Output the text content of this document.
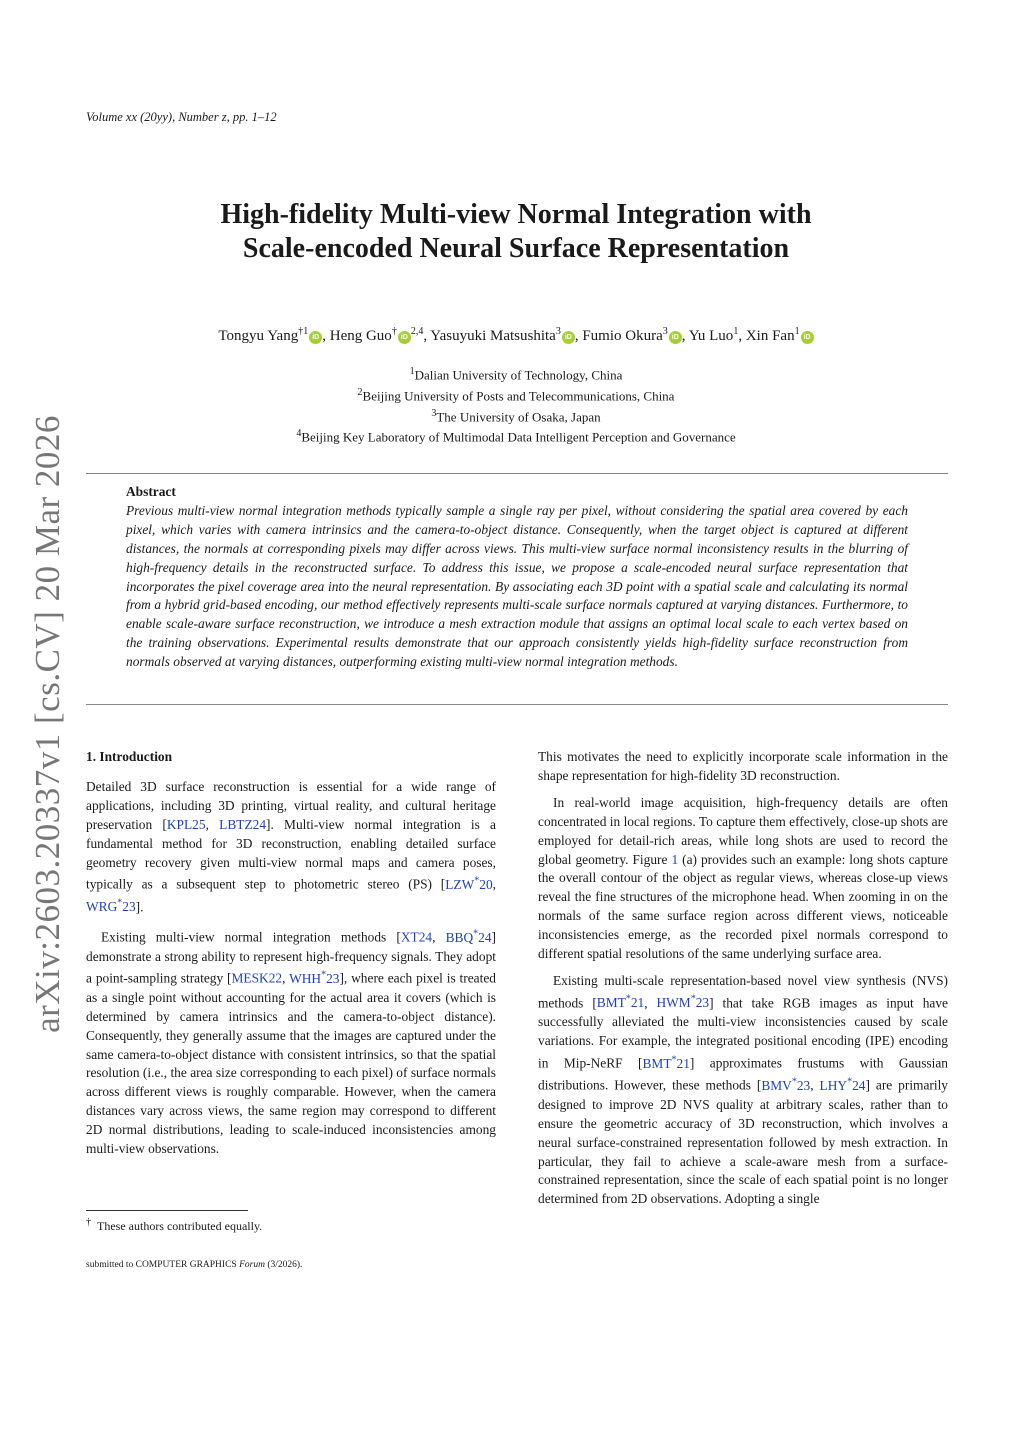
Volume xx (20yy), Number z, pp. 1–12
High-fidelity Multi-view Normal Integration with
Scale-encoded Neural Surface Representation
Tongyu Yang$^{\dagger 1}$iD , Heng Guo†iD$^{2,4}$, Yasuyuki Matsushita$^3$iD , Fumio Okura$^3$iD , Yu Luo$^1$, Xin Fan$^1$iD
$^1$Dalian University of Technology, China
$^2$Beijing University of Posts and Telecommunications, China
$^3$The University of Osaka, Japan
$^4$Beijing Key Laboratory of Multimodal Data Intelligent Perception and Governance
Abstract
Previous multi-view normal integration methods typically sample a single ray per pixel, without considering the spatial area covered by each pixel, which varies with camera intrinsics and the camera-to-object distance. Consequently, when the target object is captured at different distances, the normals at corresponding pixels may differ across views. This multi-view surface normal inconsistency results in the blurring of high-frequency details in the reconstructed surface. To address this issue, we propose a scale-encoded neural surface representation that incorporates the pixel coverage area into the neural representation. By associating each 3D point with a spatial scale and calculating its normal from a hybrid grid-based encoding, our method effectively represents multi-scale surface normals captured at varying distances. Furthermore, to enable scale-aware surface reconstruction, we introduce a mesh extraction module that assigns an optimal local scale to each vertex based on the training observations. Experimental results demonstrate that our approach consistently yields high-fidelity surface reconstruction from normals observed at varying distances, outperforming existing multi-view normal integration methods.
1. Introduction

Detailed 3D surface reconstruction is essential for a wide range of applications, including 3D printing, virtual reality, and cultural heritage preservation [KPL25, LBTZ24]. Multi-view normal integration is a fundamental method for 3D reconstruction, enabling detailed surface geometry recovery given multi-view normal maps and camera poses, typically as a subsequent step to photometric stereo (PS) [LZW*20, WRG*23].

Existing multi-view normal integration methods [XT24, BBQ*24] demonstrate a strong ability to represent high-frequency signals. They adopt a point-sampling strategy [MESK22, WHH*23], where each pixel is treated as a single point without accounting for the actual area it covers (which is determined by camera intrinsics and the camera-to-object distance). Consequently, they generally assume that the images are captured under the same camera-to-object distance with consistent intrinsics, so that the spatial resolution (i.e., the area size corresponding to each pixel) of surface normals across different views is roughly comparable. However, when the camera distances vary across views, the same region may correspond to different 2D normal distributions, leading to scale-induced inconsistencies among multi-view observations.

This motivates the need to explicitly incorporate scale information in the shape representation for high-fidelity 3D reconstruction.

In real-world image acquisition, high-frequency details are often concentrated in local regions. To capture them effectively, close-up shots are employed for detail-rich areas, while long shots are used to record the global geometry. Figure 1 (a) provides such an example: long shots capture the overall contour of the object as regular views, whereas close-up views reveal the fine structures of the microphone head. When zooming in on the normals of the same surface region across different views, noticeable inconsistencies emerge, as the recorded pixel normals correspond to different spatial resolutions of the same underlying surface area.

Existing multi-scale representation-based novel view synthesis (NVS) methods [BMT*21, HWM*23] that take RGB images as input have successfully alleviated the multi-view inconsistencies caused by scale variations. For example, the integrated positional encoding (IPE) encoding in Mip-NeRF [BMT*21] approximates frustums with Gaussian distributions. However, these methods [BMV*23, LHY*24] are primarily designed to improve 2D NVS quality at arbitrary scales, rather than to ensure the geometric accuracy of 3D reconstruction, which involves a neural surface-constrained representation followed by mesh extraction. In particular, they fail to achieve a scale-aware mesh from a surface-constrained representation, since the scale of each spatial point is no longer determined from 2D observations. Adopting a single

† These authors contributed equally.
submitted to COMPUTER GRAPHICS Forum (3/2026).
arXiv:2603.20337v1 [cs.CV] 20 Mar 2026
